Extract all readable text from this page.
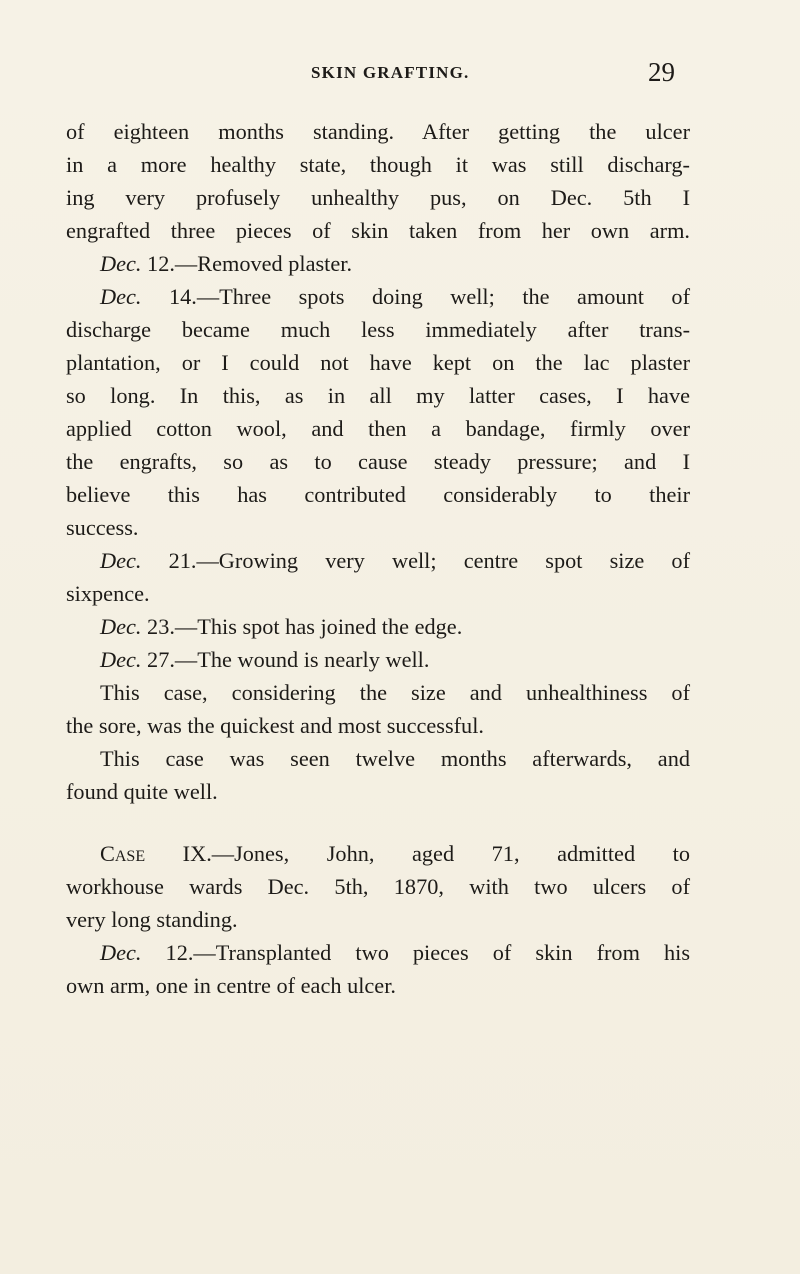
SKIN GRAFTING.	29
of eighteen months standing. After getting the ulcer
in a more healthy state, though it was still discharg-
ing very profusely unhealthy pus, on Dec. 5th I
engrafted three pieces of skin taken from her own arm.
Dec. 12.—Removed plaster.
Dec. 14.—Three spots doing well; the amount of
discharge became much less immediately after trans-
plantation, or I could not have kept on the lac plaster
so long. In this, as in all my latter cases, I have
applied cotton wool, and then a bandage, firmly over
the engrafts, so as to cause steady pressure; and I
believe this has contributed considerably to their
success.
Dec. 21.—Growing very well; centre spot size of
sixpence.
Dec. 23.—This spot has joined the edge.
Dec. 27.—The wound is nearly well.
This case, considering the size and unhealthiness of
the sore, was the quickest and most successful.
This case was seen twelve months afterwards, and
found quite well.
Case IX.—Jones, John, aged 71, admitted to
workhouse wards Dec. 5th, 1870, with two ulcers of
very long standing.
Dec. 12.—Transplanted two pieces of skin from his
own arm, one in centre of each ulcer.
